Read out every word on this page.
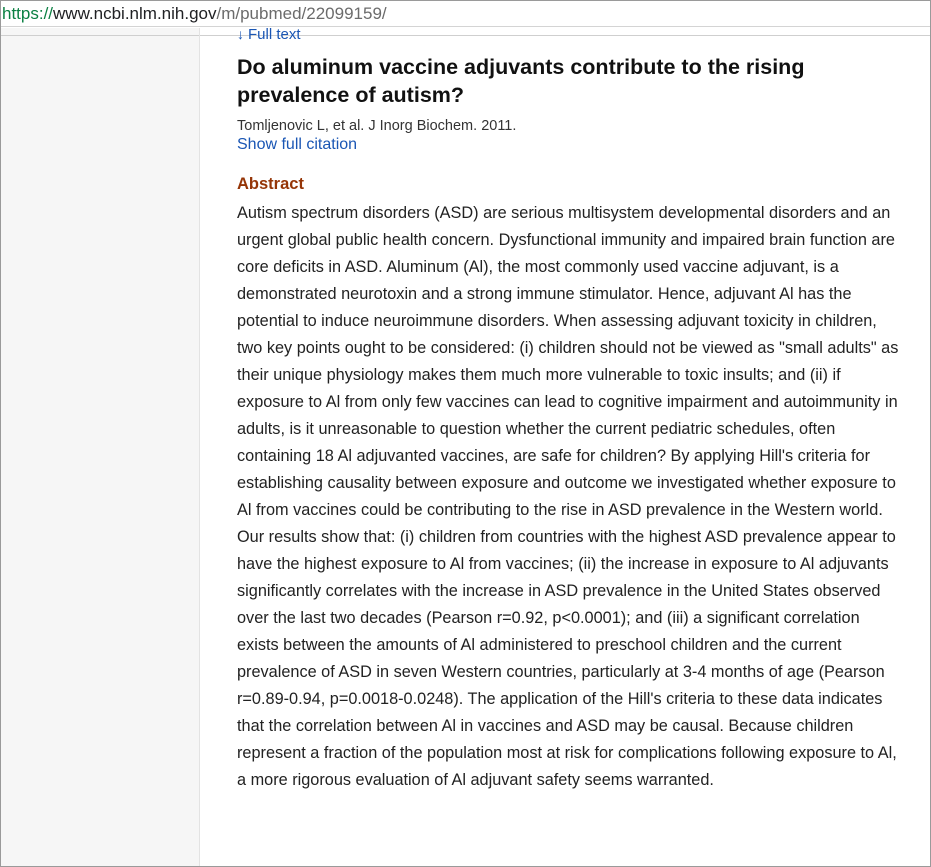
https://www.ncbi.nlm.nih.gov/m/pubmed/22099159/
↓ Full text
Do aluminum vaccine adjuvants contribute to the rising prevalence of autism?
Tomljenovic L, et al. J Inorg Biochem. 2011.
Show full citation
Abstract

Autism spectrum disorders (ASD) are serious multisystem developmental disorders and an urgent global public health concern. Dysfunctional immunity and impaired brain function are core deficits in ASD. Aluminum (Al), the most commonly used vaccine adjuvant, is a demonstrated neurotoxin and a strong immune stimulator. Hence, adjuvant Al has the potential to induce neuroimmune disorders. When assessing adjuvant toxicity in children, two key points ought to be considered: (i) children should not be viewed as "small adults" as their unique physiology makes them much more vulnerable to toxic insults; and (ii) if exposure to Al from only few vaccines can lead to cognitive impairment and autoimmunity in adults, is it unreasonable to question whether the current pediatric schedules, often containing 18 Al adjuvanted vaccines, are safe for children? By applying Hill's criteria for establishing causality between exposure and outcome we investigated whether exposure to Al from vaccines could be contributing to the rise in ASD prevalence in the Western world. Our results show that: (i) children from countries with the highest ASD prevalence appear to have the highest exposure to Al from vaccines; (ii) the increase in exposure to Al adjuvants significantly correlates with the increase in ASD prevalence in the United States observed over the last two decades (Pearson r=0.92, p<0.0001); and (iii) a significant correlation exists between the amounts of Al administered to preschool children and the current prevalence of ASD in seven Western countries, particularly at 3-4 months of age (Pearson r=0.89-0.94, p=0.0018-0.0248). The application of the Hill's criteria to these data indicates that the correlation between Al in vaccines and ASD may be causal. Because children represent a fraction of the population most at risk for complications following exposure to Al, a more rigorous evaluation of Al adjuvant safety seems warranted.
